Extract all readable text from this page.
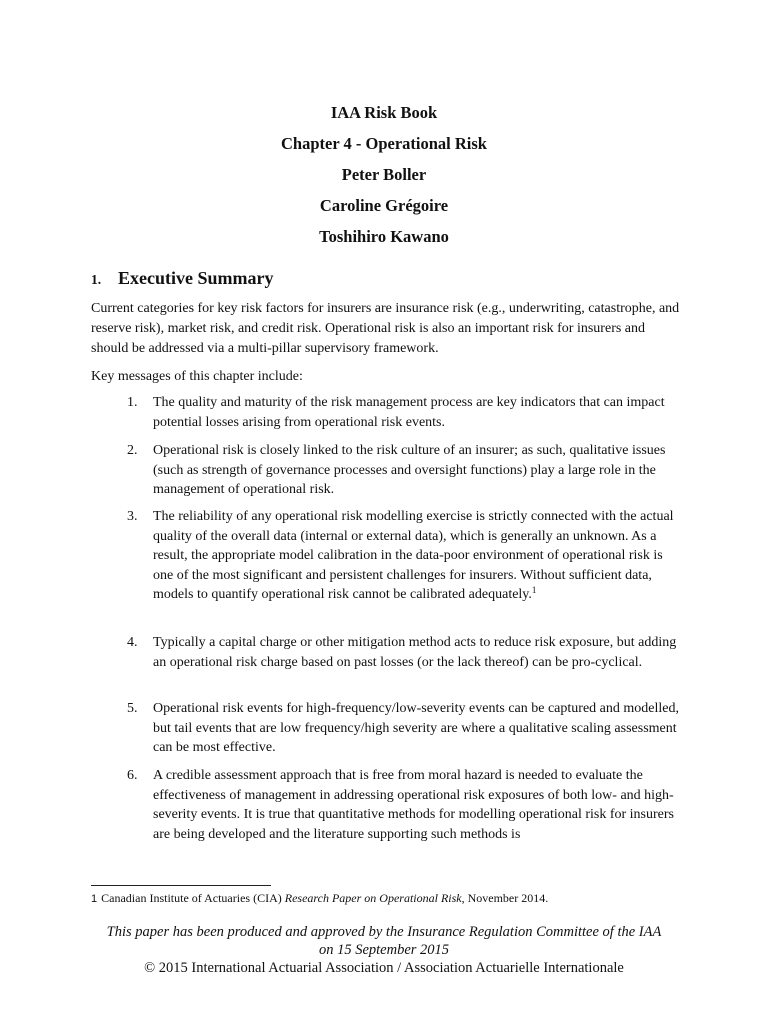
IAA Risk Book
Chapter 4 - Operational Risk
Peter Boller
Caroline Grégoire
Toshihiro Kawano
1. Executive Summary
Current categories for key risk factors for insurers are insurance risk (e.g., underwriting, catastrophe, and reserve risk), market risk, and credit risk. Operational risk is also an important risk for insurers and should be addressed via a multi-pillar supervisory framework.
Key messages of this chapter include:
1. The quality and maturity of the risk management process are key indicators that can impact potential losses arising from operational risk events.
2. Operational risk is closely linked to the risk culture of an insurer; as such, qualitative issues (such as strength of governance processes and oversight functions) play a large role in the management of operational risk.
3. The reliability of any operational risk modelling exercise is strictly connected with the actual quality of the overall data (internal or external data), which is generally an unknown. As a result, the appropriate model calibration in the data-poor environment of operational risk is one of the most significant and persistent challenges for insurers. Without sufficient data, models to quantify operational risk cannot be calibrated adequately.$^1$
4. Typically a capital charge or other mitigation method acts to reduce risk exposure, but adding an operational risk charge based on past losses (or the lack thereof) can be pro-cyclical.
5. Operational risk events for high-frequency/low-severity events can be captured and modelled, but tail events that are low frequency/high severity are where a qualitative scaling assessment can be most effective.
6. A credible assessment approach that is free from moral hazard is needed to evaluate the effectiveness of management in addressing operational risk exposures of both low- and high-severity events. It is true that quantitative methods for modelling operational risk for insurers are being developed and the literature supporting such methods is
1 Canadian Institute of Actuaries (CIA) Research Paper on Operational Risk, November 2014.
This paper has been produced and approved by the Insurance Regulation Committee of the IAA
on 15 September 2015
© 2015 International Actuarial Association / Association Actuarielle Internationale
